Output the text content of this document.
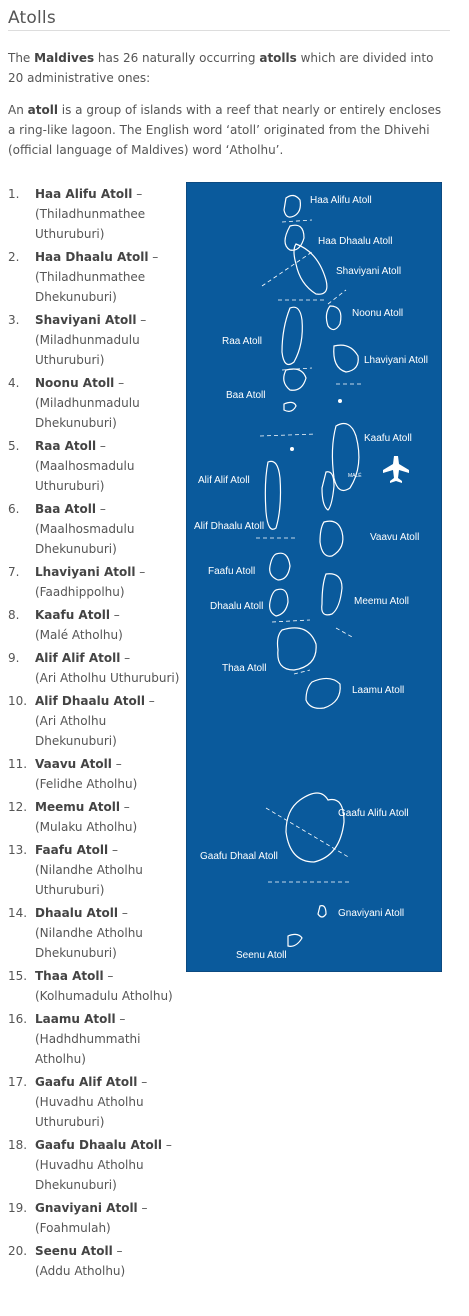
Atolls

The Maldives has 26 naturally occurring atolls which are divided into 20 administrative ones:

An atoll is a group of islands with a reef that nearly or entirely encloses a ring-like lagoon. The English word ‘atoll’ originated from the Dhivehi (official language of Maldives) word ‘Atholhu’.

1.	Haa Alifu Atoll –
(Thiladhunmathee Uthuruburi)
2.	Haa Dhaalu Atoll –
(Thiladhunmathee Dhekunuburi)
3.	Shaviyani Atoll –
(Miladhunmadulu Uthuruburi)
4.	Noonu Atoll –
(Miladhunmadulu Dhekunuburi)
5.	Raa Atoll –
(Maalhosmadulu Uthuruburi)
6.	Baa Atoll –
(Maalhosmadulu Dhekunuburi)
7.	Lhaviyani Atoll –
(Faadhippolhu)
8.	Kaafu Atoll –
(Malé Atholhu)
9.	Alif Alif Atoll –
(Ari Atholhu Uthuruburi)
10. Alif Dhaalu Atoll –
(Ari Atholhu Dhekunuburi)
11. Vaavu Atoll –
(Felidhe Atholhu)
12. Meemu Atoll –
(Mulaku Atholhu)
13. Faafu Atoll –
(Nilandhe Atholhu Uthuruburi)
14. Dhaalu Atoll –
(Nilandhe Atholhu Dhekunuburi)
15. Thaa Atoll –
(Kolhumadulu Atholhu)
16. Laamu Atoll –
(Hadhdhummathi Atholhu)
17. Gaafu Alif Atoll –
(Huvadhu Atholhu Uthuruburi)
18. Gaafu Dhaalu Atoll –
(Huvadhu Atholhu Dhekunuburi)
19. Gnaviyani Atoll –
(Foahmulah)
20. Seenu Atoll –
(Addu Atholhu)
Haa Alifu Atoll
Haa Dhaalu Atoll
Shaviyani Atoll
Noonu Atoll
Raa Atoll
Lhaviyani Atoll
Baa Atoll
Kaafu Atoll
Alif Alif Atoll
Alif Dhaalu Atoll
Vaavu Atoll
Faafu Atoll
Meemu Atoll
Dhaalu Atoll
Thaa Atoll
Laamu Atoll
Gaafu Alifu Atoll
Gaafu Dhaal Atoll
Gnaviyani Atoll
Seenu Atoll
MALÉ
